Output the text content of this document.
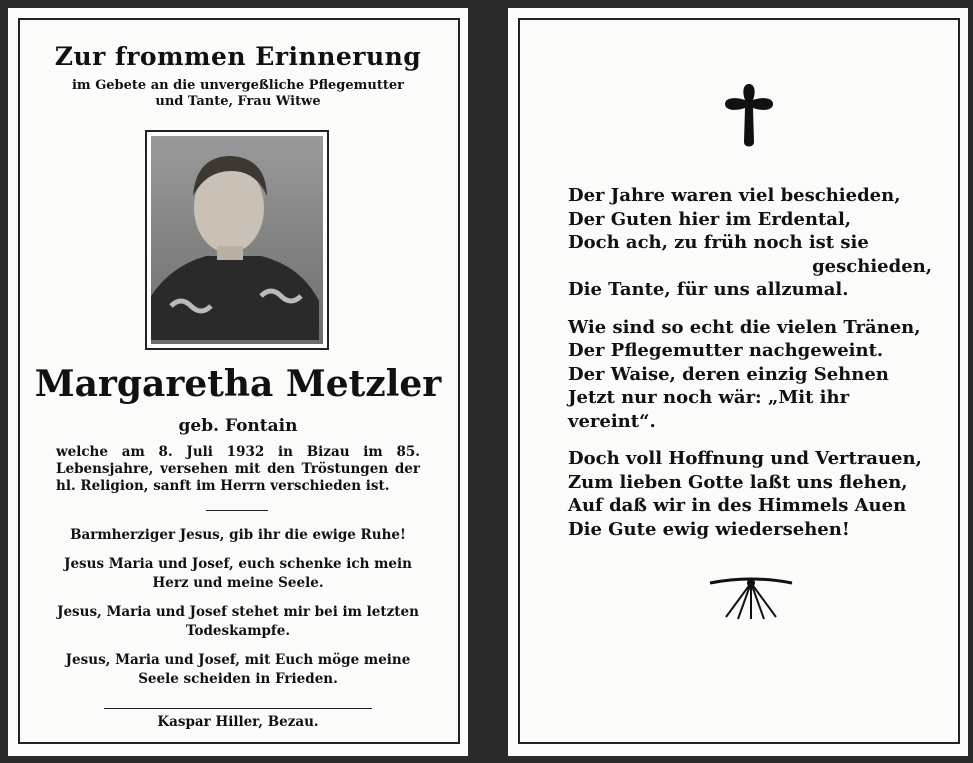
Zur frommen Erinnerung
im Gebete an die unvergeßliche Pflegemutter
und Tante, Frau Witwe
Margaretha Metzler
geb. Fontain
welche am 8. Juli 1932 in Bizau im 85. Lebensjahre, versehen mit den Tröstungen der hl. Religion, sanft im Herrn verschieden ist.

Barmherziger Jesus, gib ihr die ewige Ruhe!

Jesus Maria und Josef, euch schenke ich mein Herz und meine Seele.

Jesus, Maria und Josef stehet mir bei im letzten Todeskampfe.

Jesus, Maria und Josef, mit Euch möge meine Seele scheiden in Frieden.

Kaspar Hiller, Bezau.
Der Jahre waren viel beschieden,
Der Guten hier im Erdental,
Doch ach, zu früh noch ist sie
geschieden,
Die Tante, für uns allzumal.
Wie sind so echt die vielen Tränen,
Der Pflegemutter nachgeweint.
Der Waise, deren einzig Sehnen
Jetzt nur noch wär: „Mit ihr vereint“.
Doch voll Hoffnung und Vertrauen,
Zum lieben Gotte laßt uns flehen,
Auf daß wir in des Himmels Auen
Die Gute ewig wiedersehen!
